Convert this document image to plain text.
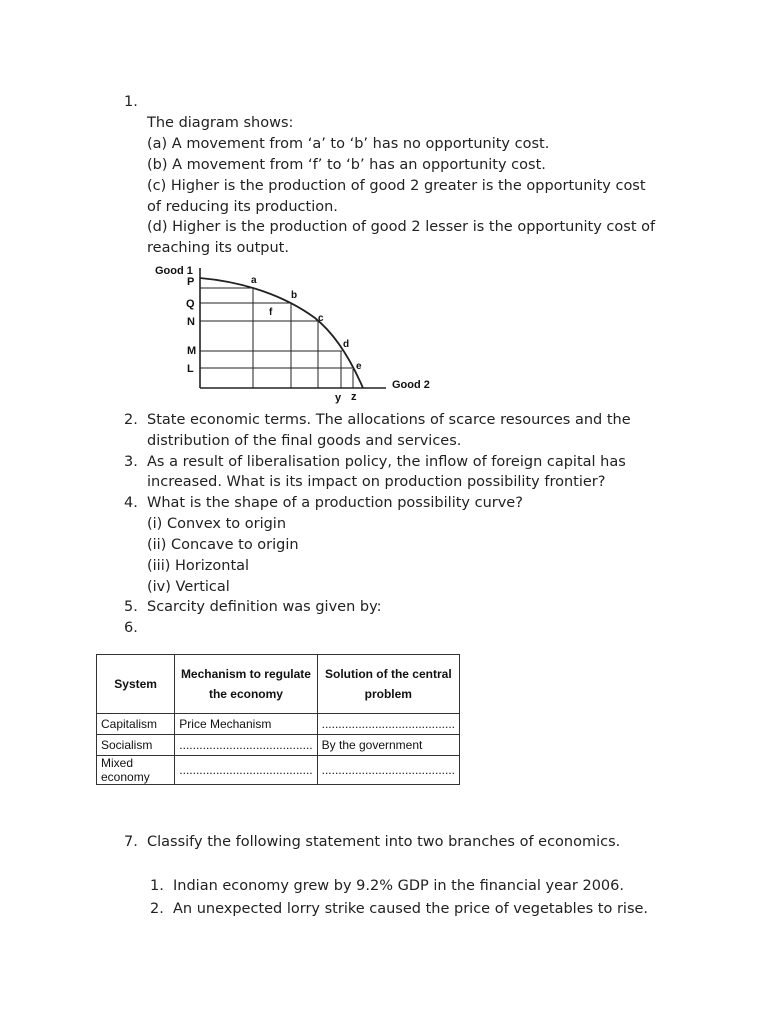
1.
The diagram shows:
(a) A movement from ‘a’ to ‘b’ has no opportunity cost.
(b) A movement from ‘f’ to ‘b’ has an opportunity cost.
(c) Higher is the production of good 2 greater is the opportunity cost
of reducing its production.
(d) Higher is the production of good 2 lesser is the opportunity cost of
reaching its output.
Good 1
P
Q
N
M
L
Good 2
y z
a
f
b
c
d
e
2. State economic terms. The allocations of scarce resources and the
distribution of the final goods and services.
3. As a result of liberalisation policy, the inflow of foreign capital has
increased. What is its impact on production possibility frontier?
4. What is the shape of a production possibility curve?
(i) Convex to origin
(ii) Concave to origin
(iii) Horizontal
(iv) Vertical
5. Scarcity definition was given by:
6.
System	Mechanism to regulate the economy	Solution of the central problem
Capitalism	Price Mechanism	........................................
Socialism	........................................	By the government
Mixed economy	........................................	........................................
7. Classify the following statement into two branches of economics.
1. Indian economy grew by 9.2% GDP in the financial year 2006.
2. An unexpected lorry strike caused the price of vegetables to rise.
